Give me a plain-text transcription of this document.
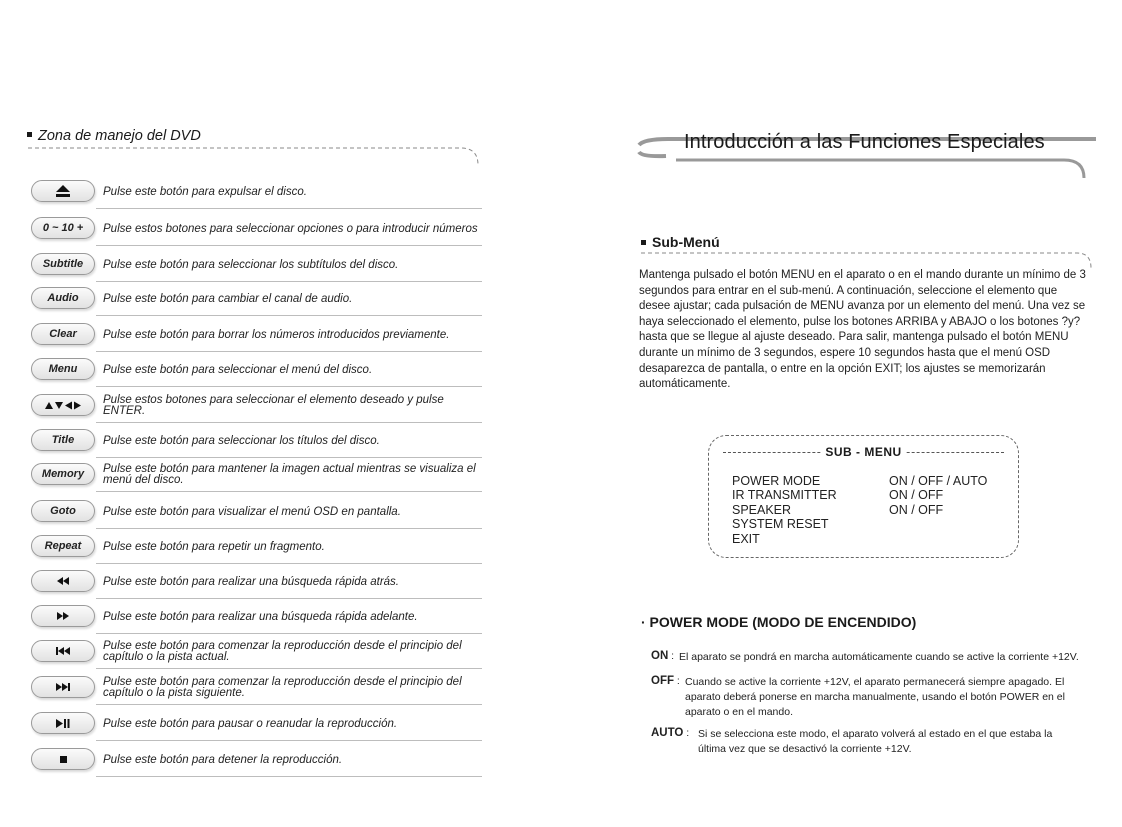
Zona de manejo del DVD
Pulse este botón para expulsar el disco.
0 ~ 10 + Pulse estos botones para seleccionar opciones o para introducir números
Subtitle Pulse este botón para seleccionar los subtítulos del disco.
Audio Pulse este botón para cambiar el canal de audio.
Clear Pulse este botón para borrar los números introducidos previamente.
Menu Pulse este botón para seleccionar el menú del disco.
Pulse estos botones para seleccionar el elemento deseado y pulse ENTER.
Title	Pulse este botón para seleccionar los títulos del disco.
Memory Pulse este botón para mantener la imagen actual mientras se visualiza el menú del disco.
Goto Pulse este botón para visualizar el menú OSD en pantalla.
Repeat Pulse este botón para repetir un fragmento.
Pulse este botón para realizar una búsqueda rápida atrás.
Pulse este botón para realizar una búsqueda rápida adelante.
Pulse este botón para comenzar la reproducción desde el principio del capítulo o la pista actual.
Pulse este botón para comenzar la reproducción desde el principio del capítulo o la pista siguiente.
Pulse este botón para pausar o reanudar la reproducción.
Pulse este botón para detener la reproducción.
Introducción a las Funciones Especiales
Sub-Menú
Mantenga pulsado el botón MENU en el aparato o en el mando durante un mínimo de 3 segundos para entrar en el sub-menú. A continuación, seleccione el elemento que desee ajustar; cada pulsación de MENU avanza por un elemento del menú. Una vez se haya seleccionado el elemento, pulse los botones ARRIBA y ABAJO o los botones ?y?hasta que se llegue al ajuste deseado. Para salir, mantenga pulsado el botón MENU durante un mínimo de 3 segundos, espere 10 segundos hasta que el menú OSD desaparezca de pantalla, o entre en la opción EXIT; los ajustes se memorizarán automáticamente.
SUB - MENU
POWER MODE	ON / OFF / AUTO
IR TRANSMITTER	ON / OFF
SPEAKER	ON / OFF
SYSTEM RESET
EXIT
· POWER MODE (MODO DE ENCENDIDO)
ON : El aparato se pondrá en marcha automáticamente cuando se active la corriente +12V.
OFF : Cuando se active la corriente +12V, el aparato permanecerá siempre apagado. El aparato deberá ponerse en marcha manualmente, usando el botón POWER en el aparato o en el mando.
AUTO : Si se selecciona este modo, el aparato volverá al estado en el que estaba la última vez que se desactivó la corriente +12V.
